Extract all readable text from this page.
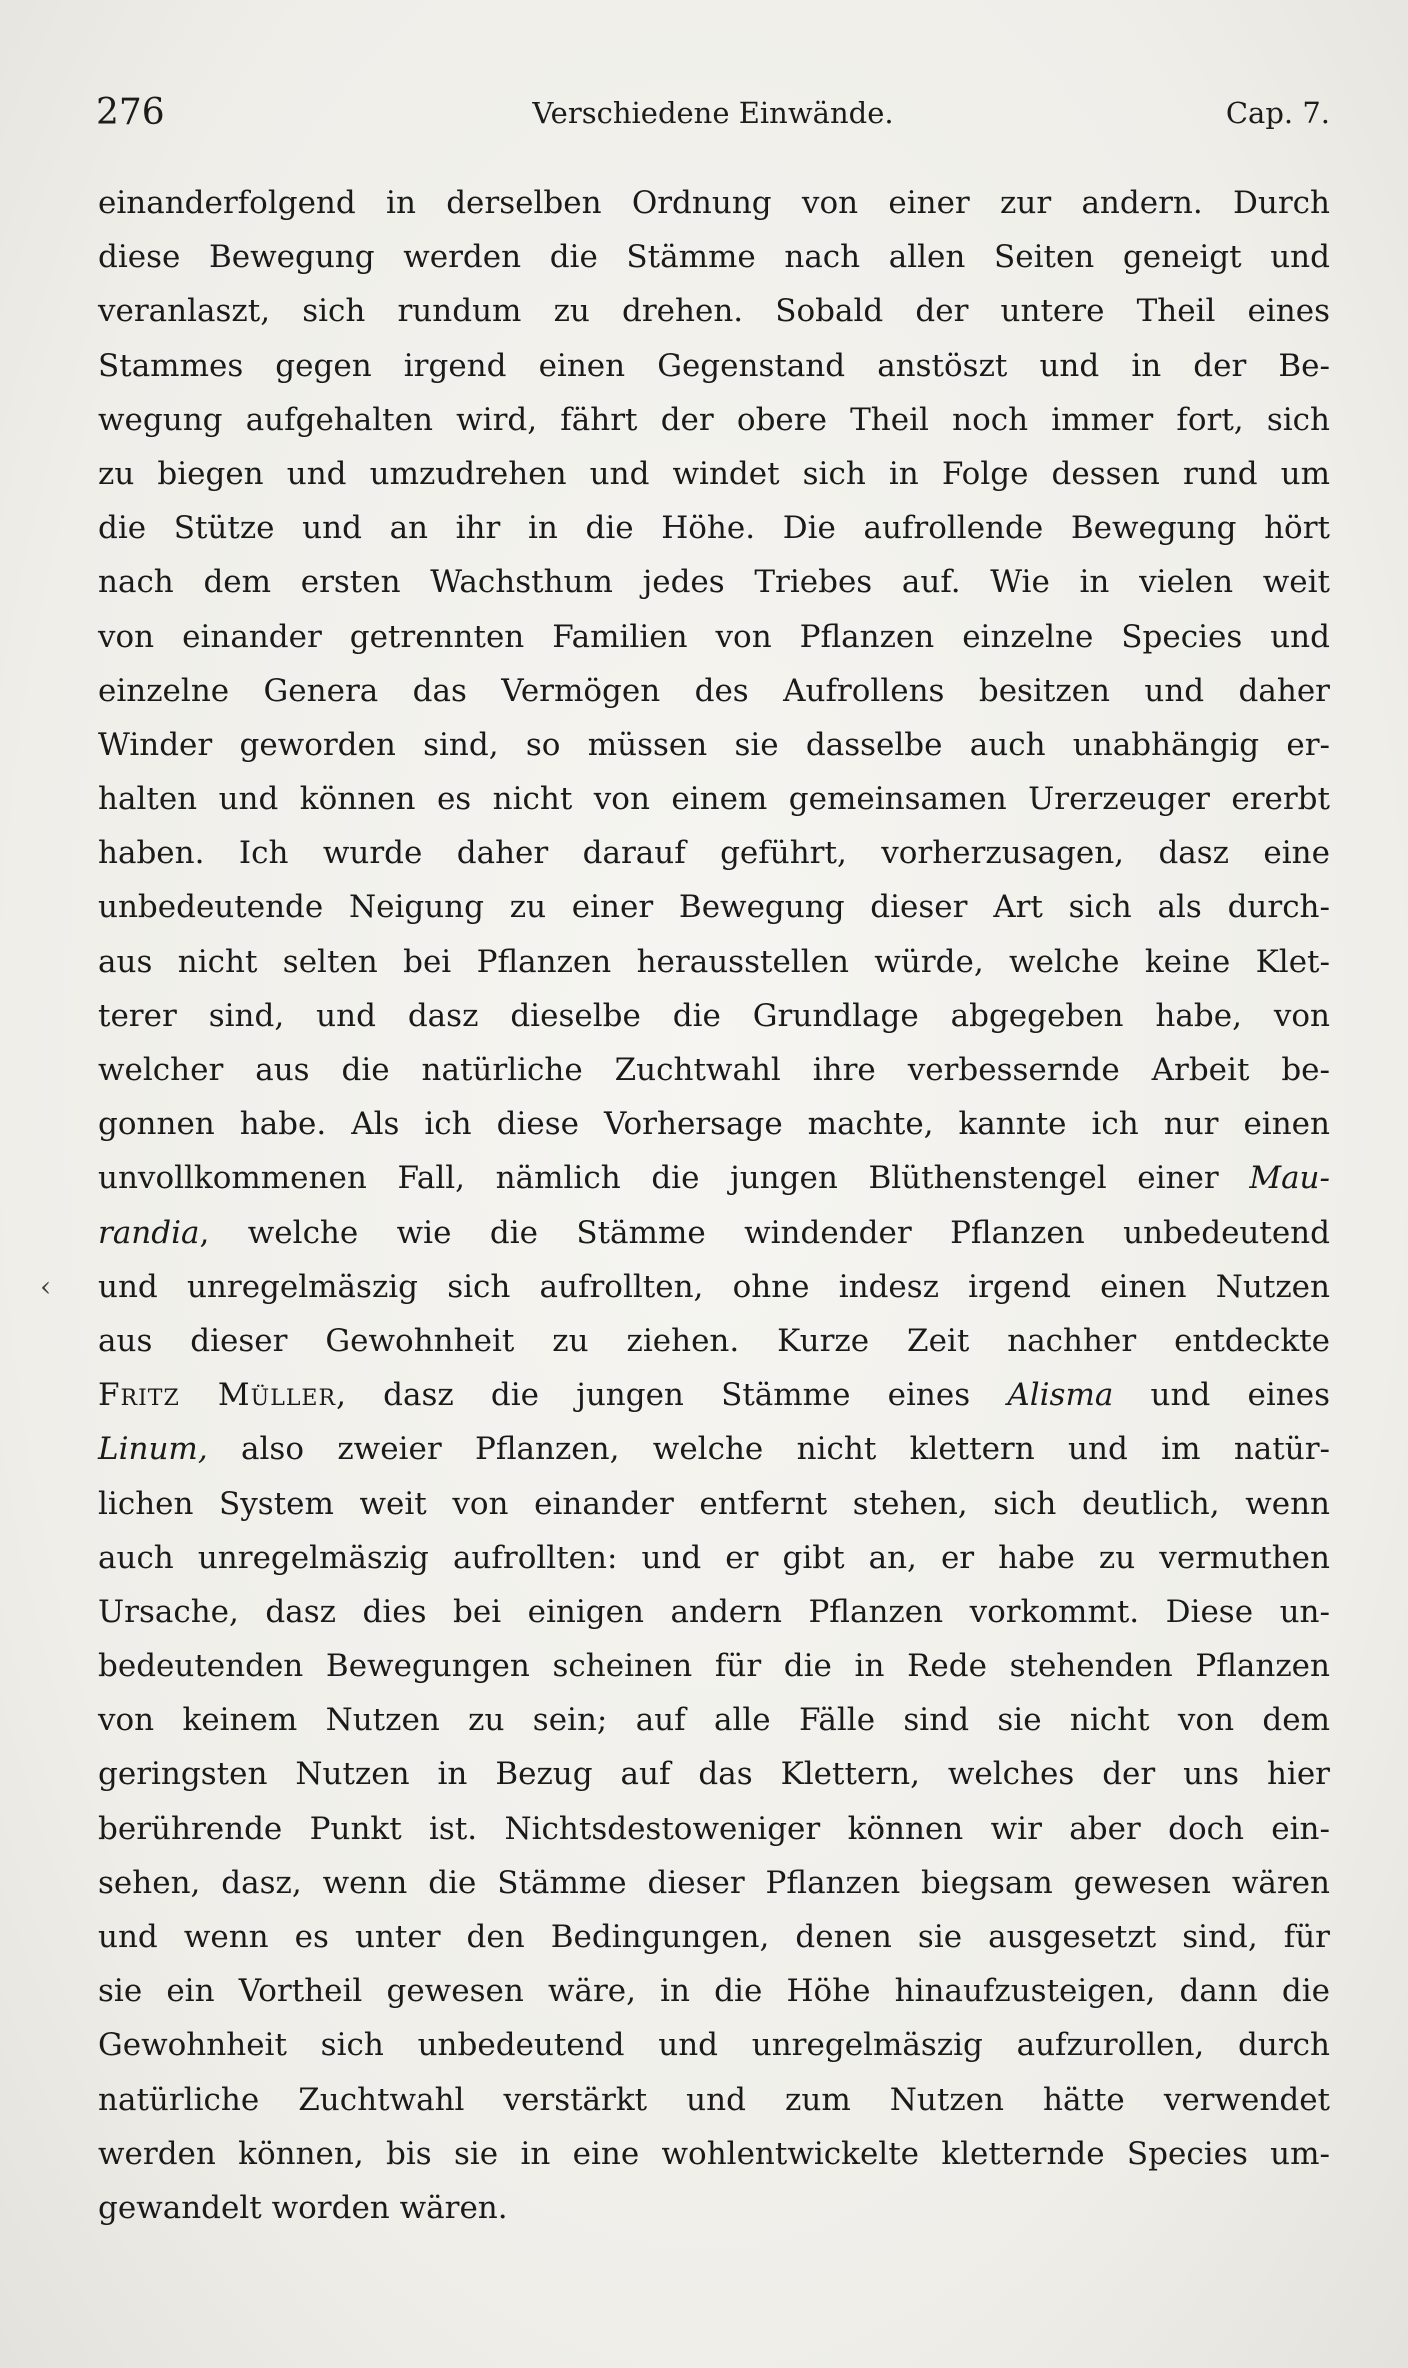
276	Verschiedene Einwände.	Cap. 7.
‹
einanderfolgend in derselben Ordnung von einer zur andern. Durch
diese Bewegung werden die Stämme nach allen Seiten geneigt und
veranlaszt, sich rundum zu drehen. Sobald der untere Theil eines
Stammes gegen irgend einen Gegenstand anstöszt und in der Be-
wegung aufgehalten wird, fährt der obere Theil noch immer fort, sich
zu biegen und umzudrehen und windet sich in Folge dessen rund um
die Stütze und an ihr in die Höhe. Die aufrollende Bewegung hört
nach dem ersten Wachsthum jedes Triebes auf. Wie in vielen weit
von einander getrennten Familien von Pflanzen einzelne Species und
einzelne Genera das Vermögen des Aufrollens besitzen und daher
Winder geworden sind, so müssen sie dasselbe auch unabhängig er-
halten und können es nicht von einem gemeinsamen Urerzeuger ererbt
haben. Ich wurde daher darauf geführt, vorherzusagen, dasz eine
unbedeutende Neigung zu einer Bewegung dieser Art sich als durch-
aus nicht selten bei Pflanzen herausstellen würde, welche keine Klet-
terer sind, und dasz dieselbe die Grundlage abgegeben habe, von
welcher aus die natürliche Zuchtwahl ihre verbessernde Arbeit be-
gonnen habe. Als ich diese Vorhersage machte, kannte ich nur einen
unvollkommenen Fall, nämlich die jungen Blüthenstengel einer Mau-
randia, welche wie die Stämme windender Pflanzen unbedeutend
und unregelmäszig sich aufrollten, ohne indesz irgend einen Nutzen
aus dieser Gewohnheit zu ziehen. Kurze Zeit nachher entdeckte
Fritz Müller, dasz die jungen Stämme eines Alisma und eines
Linum, also zweier Pflanzen, welche nicht klettern und im natür-
lichen System weit von einander entfernt stehen, sich deutlich, wenn
auch unregelmäszig aufrollten: und er gibt an, er habe zu vermuthen
Ursache, dasz dies bei einigen andern Pflanzen vorkommt. Diese un-
bedeutenden Bewegungen scheinen für die in Rede stehenden Pflanzen
von keinem Nutzen zu sein; auf alle Fälle sind sie nicht von dem
geringsten Nutzen in Bezug auf das Klettern, welches der uns hier
berührende Punkt ist. Nichtsdestoweniger können wir aber doch ein-
sehen, dasz, wenn die Stämme dieser Pflanzen biegsam gewesen wären
und wenn es unter den Bedingungen, denen sie ausgesetzt sind, für
sie ein Vortheil gewesen wäre, in die Höhe hinaufzusteigen, dann die
Gewohnheit sich unbedeutend und unregelmäszig aufzurollen, durch
natürliche Zuchtwahl verstärkt und zum Nutzen hätte verwendet
werden können, bis sie in eine wohlentwickelte kletternde Species um-
gewandelt worden wären.
